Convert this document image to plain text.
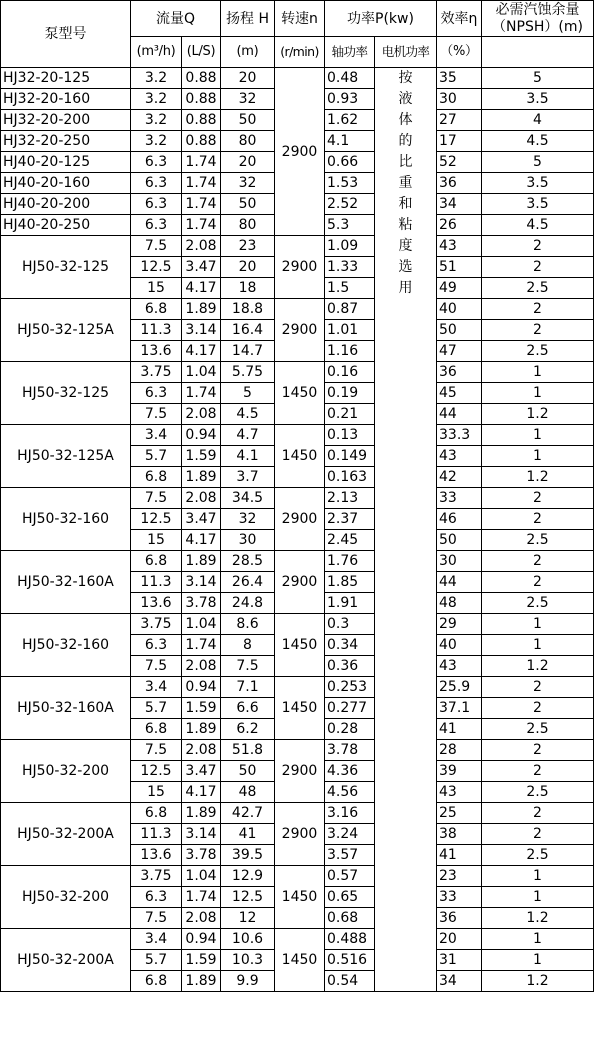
泵型号	流量Q		扬程 H	转速n	功率P(kw)		效率η	必需汽蚀余量
（NPSH）(m)

	(m³/h)	(L/S)	(m)	(r/min)	轴功率	电机功率	（%）	
HJ32-20-125	3.2	0.88	20	2900	0.48	按	35	5
HJ32-20-160	3.2	0.88	32		0.93	液	30	3.5
HJ32-20-200	3.2	0.88	50		1.62	体	27	4
HJ32-20-250	3.2	0.88	80		4.1	的	17	4.5
HJ40-20-125	6.3	1.74	20		0.66	比	52	5
HJ40-20-160	6.3	1.74	32		1.53	重	36	3.5
HJ40-20-200	6.3	1.74	50		2.52	和	34	3.5
HJ40-20-250	6.3	1.74	80		5.3	粘	26	4.5
HJ50-32-125	7.5	2.08	23	2900	1.09	度	43	2
	12.5	3.47	20		1.33	选	51	2
	15	4.17	18		1.5	用	49	2.5
HJ50-32-125A	6.8	1.89	18.8	2900	0.87		40	2
	11.3	3.14	16.4		1.01		50	2
	13.6	4.17	14.7		1.16		47	2.5
HJ50-32-125	3.75	1.04	5.75	1450	0.16		36	1
	6.3	1.74	5		0.19		45	1
	7.5	2.08	4.5		0.21		44	1.2
HJ50-32-125A	3.4	0.94	4.7	1450	0.13		33.3	1
	5.7	1.59	4.1		0.149		43	1
	6.8	1.89	3.7		0.163		42	1.2
HJ50-32-160	7.5	2.08	34.5	2900	2.13		33	2
	12.5	3.47	32		2.37		46	2
	15	4.17	30		2.45		50	2.5
HJ50-32-160A	6.8	1.89	28.5	2900	1.76		30	2
	11.3	3.14	26.4		1.85		44	2
	13.6	3.78	24.8		1.91		48	2.5
HJ50-32-160	3.75	1.04	8.6	1450	0.3		29	1
	6.3	1.74	8		0.34		40	1
	7.5	2.08	7.5		0.36		43	1.2
HJ50-32-160A	3.4	0.94	7.1	1450	0.253		25.9	2
	5.7	1.59	6.6		0.277		37.1	2
	6.8	1.89	6.2		0.28		41	2.5
HJ50-32-200	7.5	2.08	51.8	2900	3.78		28	2
	12.5	3.47	50		4.36		39	2
	15	4.17	48		4.56		43	2.5
HJ50-32-200A	6.8	1.89	42.7	2900	3.16		25	2
	11.3	3.14	41		3.24		38	2
	13.6	3.78	39.5		3.57		41	2.5
HJ50-32-200	3.75	1.04	12.9	1450	0.57		23	1
	6.3	1.74	12.5		0.65		33	1
	7.5	2.08	12		0.68		36	1.2
HJ50-32-200A	3.4	0.94	10.6	1450	0.488		20	1
	5.7	1.59	10.3		0.516		31	1
	6.8	1.89	9.9		0.54		34	1.2
